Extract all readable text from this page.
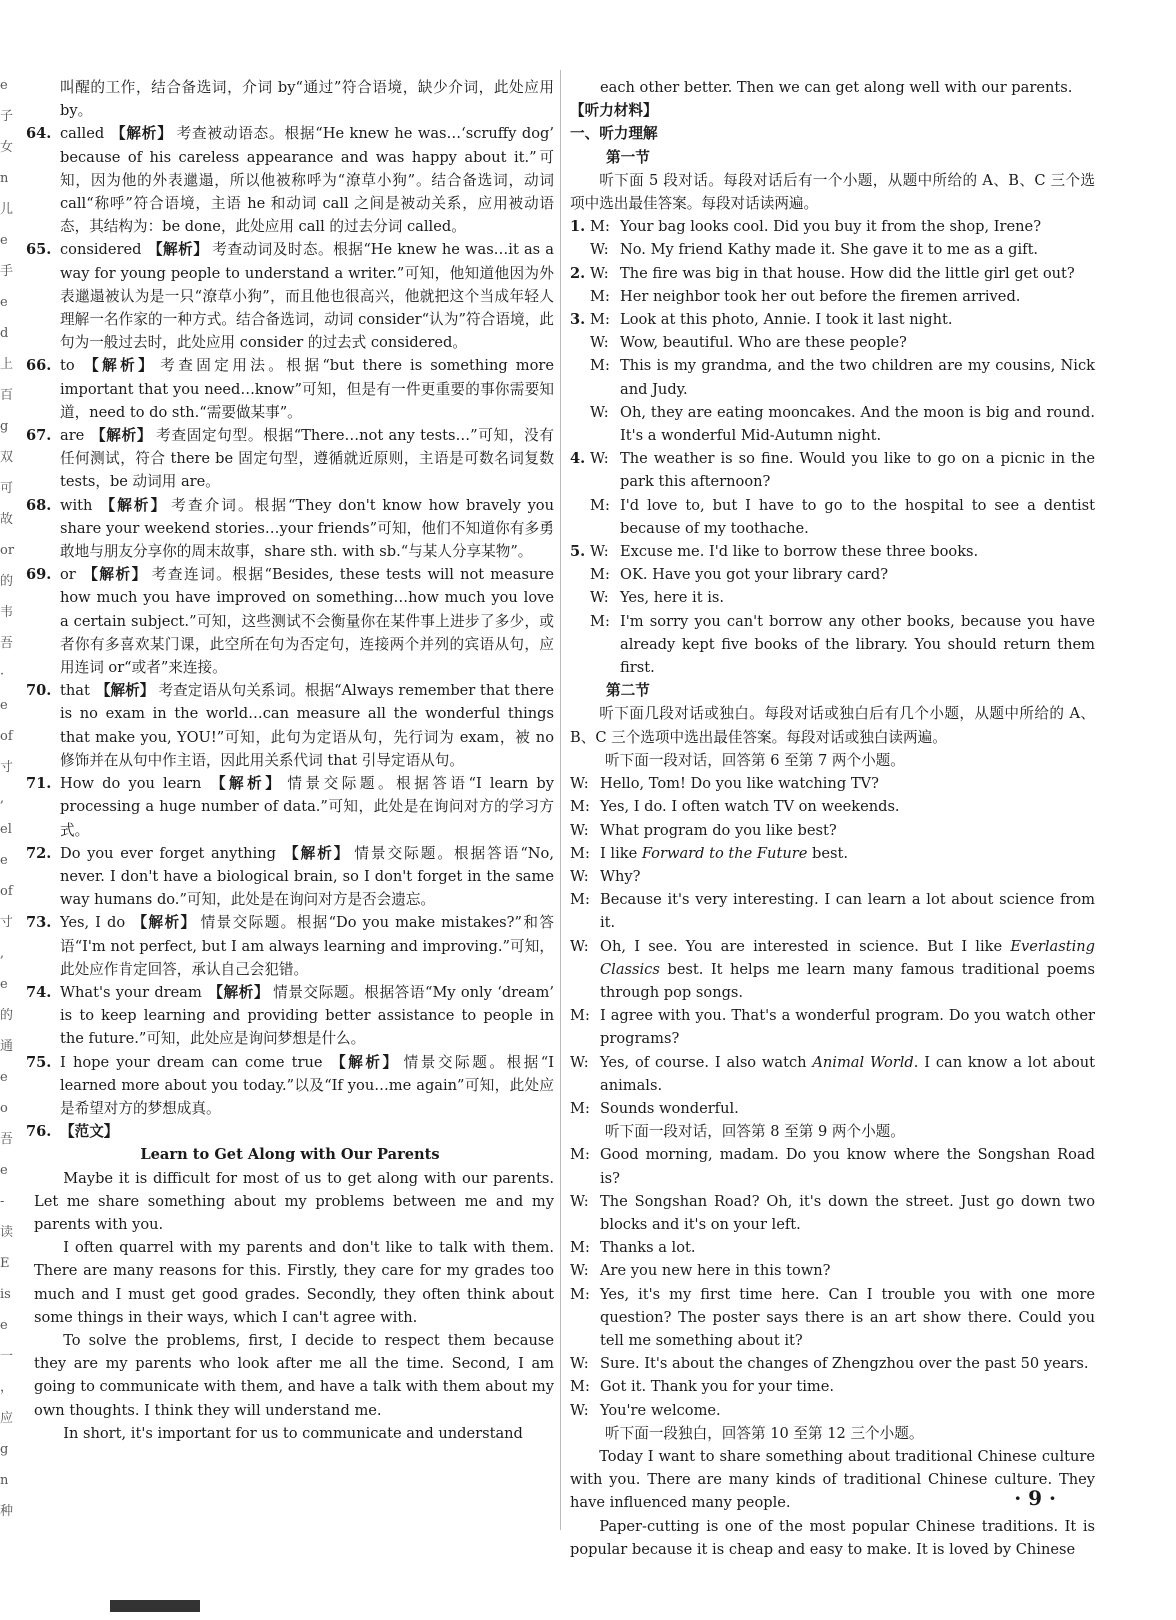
e
子
女
n
儿
e
手
e
d
上
百
g
双
可
故
or
的
韦
吾
·
e
of
寸
,
el
e
of
寸
,
e
的
通
e
o
吾
e
-
读
E
is
e
一
，
应
g
n
种

叫醒的工作，结合备选词，介词 by“通过”符合语境，缺少介词，此处应用 by。

64. called 【解析】 考查被动语态。根据“He knew he was…‘scruffy dog’ because of his careless appearance and was happy about it.”可知，因为他的外表邋遢，所以他被称呼为“潦草小狗”。结合备选词，动词 call“称呼”符合语境，主语 he 和动词 call 之间是被动关系，应用被动语态，其结构为：be done，此处应用 call 的过去分词 called。
65. considered 【解析】 考查动词及时态。根据“He knew he was…it as a way for young people to understand a writer.”可知，他知道他因为外表邋遢被认为是一只“潦草小狗”，而且他也很高兴，他就把这个当成年轻人理解一名作家的一种方式。结合备选词，动词 consider“认为”符合语境，此句为一般过去时，此处应用 consider 的过去式 considered。
66. to 【解析】 考查固定用法。根据“but there is something more important that you need…know”可知，但是有一件更重要的事你需要知道，need to do sth.“需要做某事”。
67. are 【解析】 考查固定句型。根据“There…not any tests…”可知，没有任何测试，符合 there be 固定句型，遵循就近原则，主语是可数名词复数 tests，be 动词用 are。
68. with 【解析】 考查介词。根据“They don't know how bravely you share your weekend stories…your friends”可知，他们不知道你有多勇敢地与朋友分享你的周末故事，share sth. with sb.“与某人分享某物”。
69. or 【解析】 考查连词。根据“Besides, these tests will not measure how much you have improved on something…how much you love a certain subject.”可知，这些测试不会衡量你在某件事上进步了多少，或者你有多喜欢某门课，此空所在句为否定句，连接两个并列的宾语从句，应用连词 or“或者”来连接。
70. that 【解析】 考查定语从句关系词。根据“Always remember that there is no exam in the world…can measure all the wonderful things that make you, YOU!”可知，此句为定语从句，先行词为 exam，被 no 修饰并在从句中作主语，因此用关系代词 that 引导定语从句。
71. How do you learn 【解析】 情景交际题。根据答语“I learn by processing a huge number of data.”可知，此处是在询问对方的学习方式。
72. Do you ever forget anything 【解析】 情景交际题。根据答语“No, never. I don't have a biological brain, so I don't forget in the same way humans do.”可知，此处是在询问对方是否会遗忘。
73. Yes, I do 【解析】 情景交际题。根据“Do you make mistakes?”和答语“I'm not perfect, but I am always learning and improving.”可知，此处应作肯定回答，承认自己会犯错。
74. What's your dream 【解析】 情景交际题。根据答语“My only ‘dream’ is to keep learning and providing better assistance to people in the future.”可知，此处应是询问梦想是什么。
75. I hope your dream can come true 【解析】 情景交际题。根据“I learned more about you today.”以及“If you…me again”可知，此处应是希望对方的梦想成真。
76. 【范文】

Learn to Get Along with Our Parents

Maybe it is difficult for most of us to get along with our parents. Let me share something about my problems between me and my parents with you.

I often quarrel with my parents and don't like to talk with them. There are many reasons for this. Firstly, they care for my grades too much and I must get good grades. Secondly, they often think about some things in their ways, which I can't agree with.

To solve the problems, first, I decide to respect them because they are my parents who look after me all the time. Second, I am going to communicate with them, and have a talk with them about my own thoughts. I think they will understand me.

In short, it's important for us to communicate and understand

each other better. Then we can get along well with our parents.

【听力材料】

一、听力理解

第一节

听下面 5 段对话。每段对话后有一个小题，从题中所给的 A、B、C 三个选项中选出最佳答案。每段对话读两遍。

1. M: Your bag looks cool. Did you buy it from the shop, Irene?
W: No. My friend Kathy made it. She gave it to me as a gift.
2. W: The fire was big in that house. How did the little girl get out?
M: Her neighbor took her out before the firemen arrived.
3. M: Look at this photo, Annie. I took it last night.
W: Wow, beautiful. Who are these people?
M: This is my grandma, and the two children are my cousins, Nick and Judy.
W: Oh, they are eating mooncakes. And the moon is big and round. It's a wonderful Mid-Autumn night.
4. W: The weather is so fine. Would you like to go on a picnic in the park this afternoon?
M: I'd love to, but I have to go to the hospital to see a dentist because of my toothache.
5. W: Excuse me. I'd like to borrow these three books.
M: OK. Have you got your library card?
W: Yes, here it is.
M: I'm sorry you can't borrow any other books, because you have already kept five books of the library. You should return them first.

第二节

听下面几段对话或独白。每段对话或独白后有几个小题，从题中所给的 A、B、C 三个选项中选出最佳答案。每段对话或独白读两遍。

听下面一段对话，回答第 6 至第 7 两个小题。

W: Hello, Tom! Do you like watching TV?
M: Yes, I do. I often watch TV on weekends.
W: What program do you like best?
M: I like Forward to the Future best.
W: Why?
M: Because it's very interesting. I can learn a lot about science from it.
W: Oh, I see. You are interested in science. But I like Everlasting Classics best. It helps me learn many famous traditional poems through pop songs.
M: I agree with you. That's a wonderful program. Do you watch other programs?
W: Yes, of course. I also watch Animal World. I can know a lot about animals.
M: Sounds wonderful.

听下面一段对话，回答第 8 至第 9 两个小题。

M: Good morning, madam. Do you know where the Songshan Road is?
W: The Songshan Road? Oh, it's down the street. Just go down two blocks and it's on your left.
M: Thanks a lot.
W: Are you new here in this town?
M: Yes, it's my first time here. Can I trouble you with one more question? The poster says there is an art show there. Could you tell me something about it?
W: Sure. It's about the changes of Zhengzhou over the past 50 years.
M: Got it. Thank you for your time.
W: You're welcome.

听下面一段独白，回答第 10 至第 12 三个小题。

Today I want to share something about traditional Chinese culture with you. There are many kinds of traditional Chinese culture. They have influenced many people.

Paper-cutting is one of the most popular Chinese traditions. It is popular because it is cheap and easy to make. It is loved by Chinese

· 9 ·
